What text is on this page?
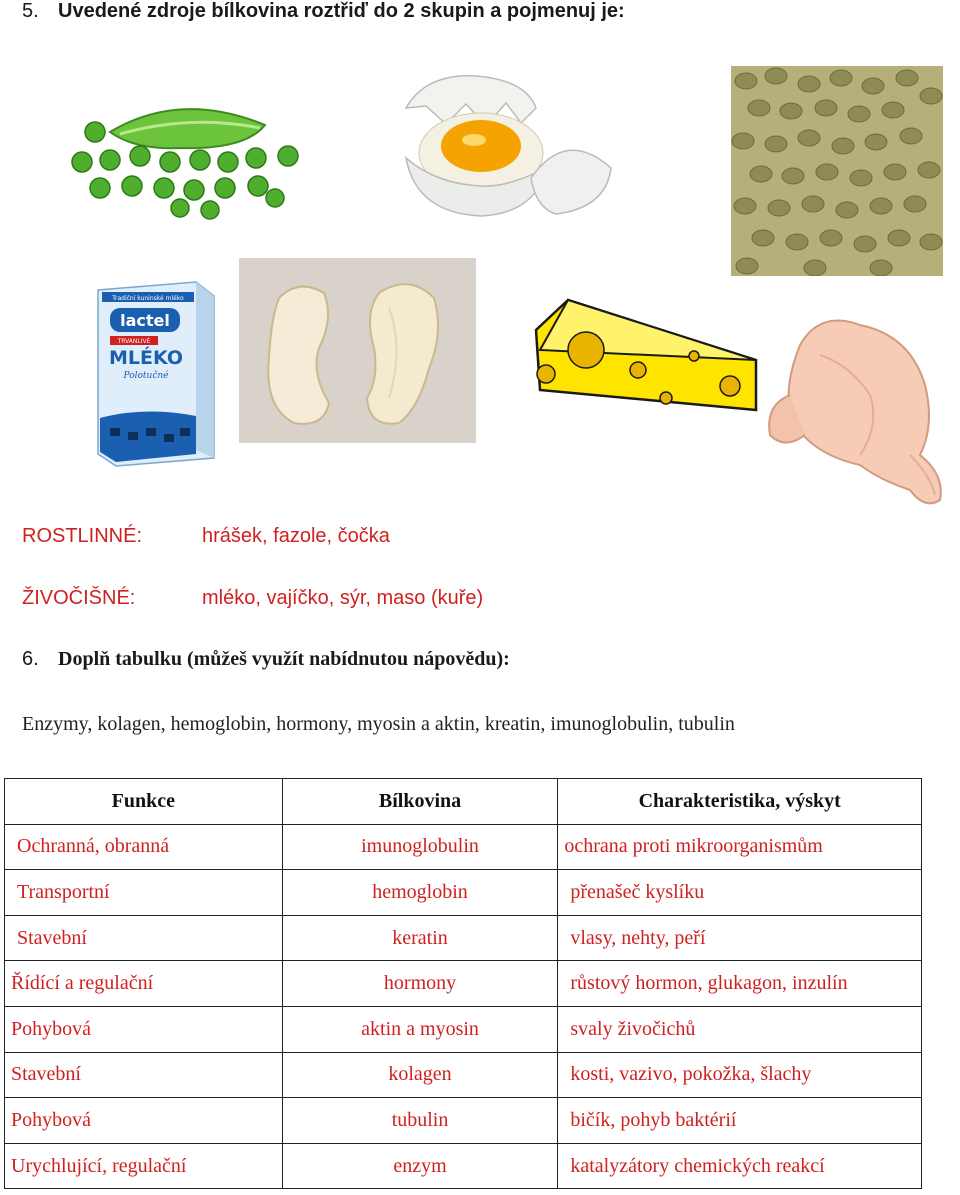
5. Uvedené zdroje bílkovina roztřiď do 2 skupin a pojmenuj je:
Tradiční kuninské mléko
lactel
TRVANLIVÉ
MLÉKO
Polotučné
ROSTLINNÉ:	hrášek, fazole, čočka
ŽIVOČIŠNÉ:	mléko, vajíčko, sýr, maso (kuře)
6. Doplň tabulku (můžeš využít nabídnutou nápovědu):
Enzymy, kolagen, hemoglobin, hormony, myosin a aktin, kreatin, imunoglobulin, tubulin
Funkce	Bílkovina	Charakteristika, výskyt
Ochranná, obranná	imunoglobulin	ochrana proti mikroorganismům
Transportní	hemoglobin	přenašeč kyslíku
Stavební	keratin	vlasy, nehty, peří
Řídící a regulační	hormony	růstový hormon, glukagon, inzulín
Pohybová	aktin a myosin	svaly živočichů
Stavební	kolagen	kosti, vazivo, pokožka, šlachy
Pohybová	tubulin	bičík, pohyb baktérií
Urychlující, regulační	enzym	katalyzátory chemických reakcí
